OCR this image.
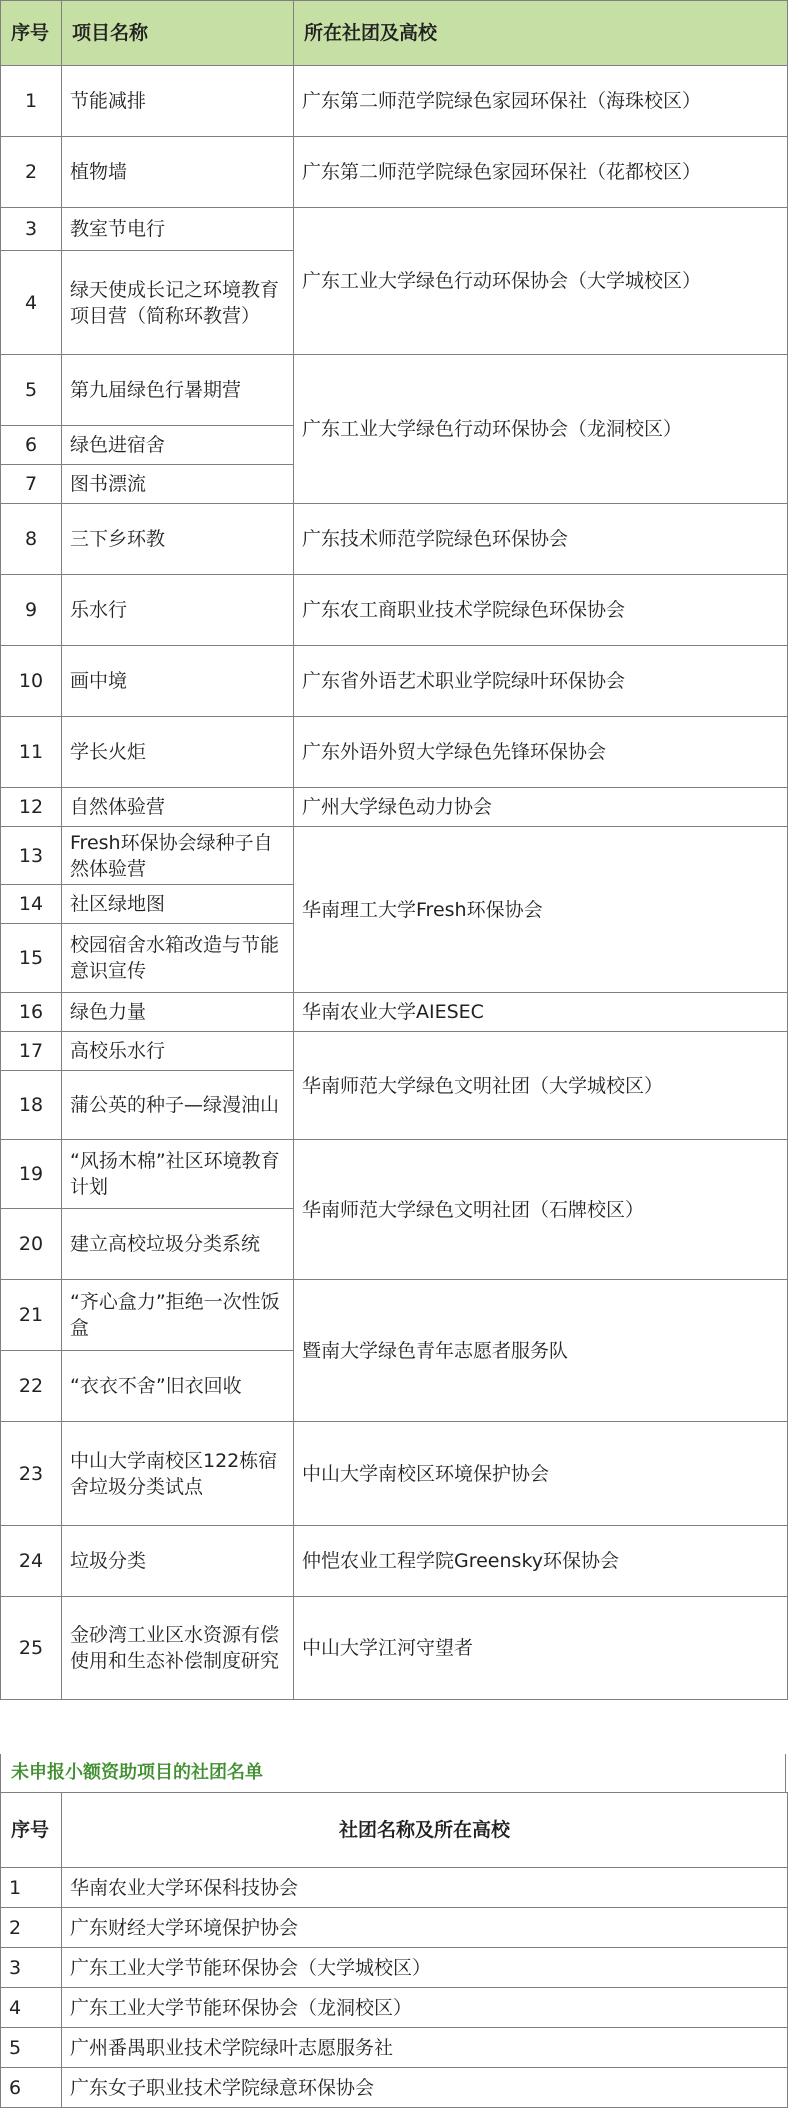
序号	项目名称	所在社团及高校
1	节能减排	广东第二师范学院绿色家园环保社（海珠校区）
2	植物墙	广东第二师范学院绿色家园环保社（花都校区）
3	教室节电行	广东工业大学绿色行动环保协会（大学城校区）
4	绿天使成长记之环境教育项目营（简称环教营）	
5	第九届绿色行暑期营	广东工业大学绿色行动环保协会（龙洞校区）
6	绿色进宿舍	
7	图书漂流	
8	三下乡环教	广东技术师范学院绿色环保协会
9	乐水行	广东农工商职业技术学院绿色环保协会
10	画中境	广东省外语艺术职业学院绿叶环保协会
11	学长火炬	广东外语外贸大学绿色先锋环保协会
12	自然体验营	广州大学绿色动力协会
13	Fresh环保协会绿种子自然体验营	华南理工大学Fresh环保协会
14	社区绿地图	
15	校园宿舍水箱改造与节能意识宣传	
16	绿色力量	华南农业大学AIESEC
17	高校乐水行	华南师范大学绿色文明社团（大学城校区）
18	蒲公英的种子—绿漫油山	
19	“风扬木棉”社区环境教育计划	华南师范大学绿色文明社团（石牌校区）
20	建立高校垃圾分类系统	
21	“齐心盒力”拒绝一次性饭盒	暨南大学绿色青年志愿者服务队
22	“衣衣不舍”旧衣回收	
23	中山大学南校区122栋宿舍垃圾分类试点	中山大学南校区环境保护协会
24	垃圾分类	仲恺农业工程学院Greensky环保协会
25	金砂湾工业区水资源有偿使用和生态补偿制度研究	中山大学江河守望者
未申报小额资助项目的社团名单
序号	社团名称及所在高校
1	华南农业大学环保科技协会
2	广东财经大学环境保护协会
3	广东工业大学节能环保协会（大学城校区）
4	广东工业大学节能环保协会（龙洞校区）
5	广州番禺职业技术学院绿叶志愿服务社
6	广东女子职业技术学院绿意环保协会
